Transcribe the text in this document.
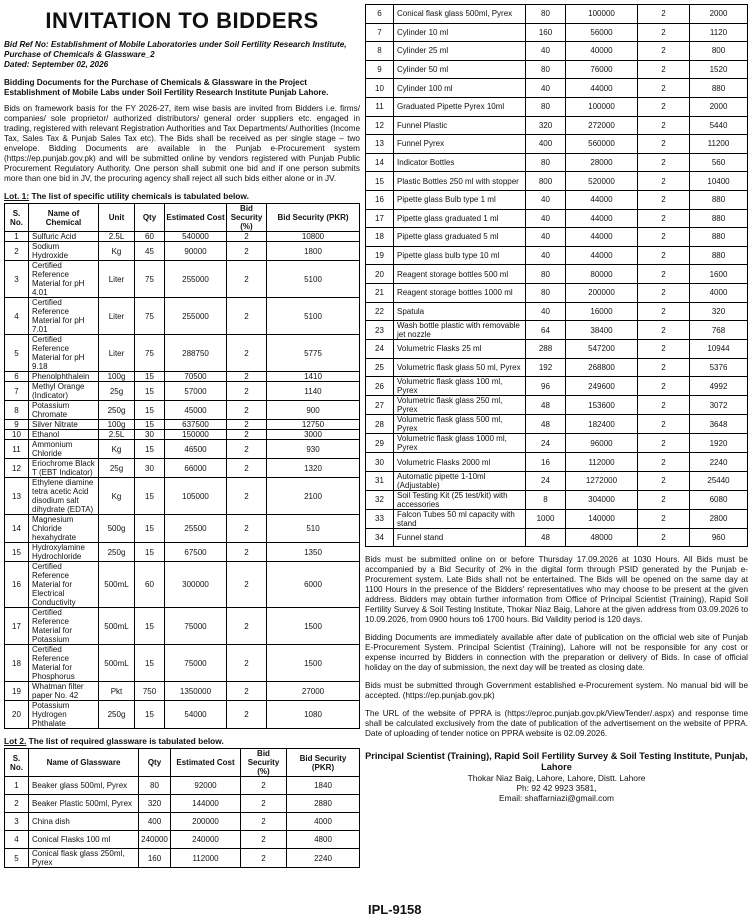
INVITATION TO BIDDERS
Bid Ref No: Establishment of Mobile Laboratories under Soil Fertility Research Institute, Purchase of Chemicals & Glassware_2
Dated: September 02, 2026
Bidding Documents for the Purchase of Chemicals & Glassware in the Project Establishment of Mobile Labs under Soil Fertility Research Institute Punjab Lahore.
Bids on framework basis for the FY 2026-27, item wise basis are invited from Bidders i.e. firms/ companies/ sole proprietor/ authorized distributors/ general order suppliers etc. engaged in trading, registered with relevant Registration Authorities and Tax Departments/ Authorities (Income Tax, Sales Tax & Punjab Sales Tax etc). The Bids shall be received as per single stage – two envelope. Bidding Documents are available in the Punjab e-Procurement system (https://ep.punjab.gov.pk) and will be submitted online by vendors registered with Punjab Public Procurement Regulatory Authority. One person shall submit one bid and if one person submits more than one bid in JV, the procuring agency shall reject all such bids either alone or in JV.
Lot. 1: The list of specific utility chemicals is tabulated below.
S. No.	Name of Chemical	Unit	Qty	Estimated Cost	Bid Security (%)	Bid Security (PKR)
1	Sulfuric Acid	2.5L	60	540000	2	10800
2	Sodium Hydroxide	Kg	45	90000	2	1800
3	Certified Reference Material for pH 4.01	Liter	75	255000	2	5100
4	Certified Reference Material for pH 7.01	Liter	75	255000	2	5100
5	Certified Reference Material for pH 9.18	Liter	75	288750	2	5775
6	Phenolphthalein	100g	15	70500	2	1410
7	Methyl Orange (Indicator)	25g	15	57000	2	1140
8	Potassium Chromate	250g	15	45000	2	900
9	Silver Nitrate	100g	15	637500	2	12750
10	Ethanol	2.5L	30	150000	2	3000
11	Ammonium Chloride	Kg	15	46500	2	930
12	Eriochrome Black T (EBT Indicator)	25g	30	66000	2	1320
13	Ethylene diamine tetra acetic Acid disodium salt dihydrate (EDTA)	Kg	15	105000	2	2100
14	Magnesium Chloride hexahydrate	500g	15	25500	2	510
15	Hydroxylamine Hydrochloride	250g	15	67500	2	1350
16	Certified Reference Material for Electrical Conductivity	500mL	60	300000	2	6000
17	Certified Reference Material for Potassium	500mL	15	75000	2	1500
18	Certified Reference Material for Phosphorus	500mL	15	75000	2	1500
19	Whatman filter paper No. 42	Pkt	750	1350000	2	27000
20	Potassium Hydrogen Phthalate	250g	15	54000	2	1080
Lot 2. The list of required glassware is tabulated below.
S. No.	Name of Glassware	Qty	Estimated Cost	Bid Security (%)	Bid Security (PKR)
1	Beaker glass 500ml, Pyrex	80	92000	2	1840
2	Beaker Plastic 500ml, Pyrex	320	144000	2	2880
3	China dish	400	200000	2	4000
4	Conical Flasks 100 ml	240000	240000	2	4800
5	Conical flask glass 250ml, Pyrex	160	112000	2	2240
6	Conical flask glass 500ml, Pyrex	80	100000	2	2000
7	Cylinder 10 ml	160	56000	2	1120
8	Cylinder 25 ml	40	40000	2	800
9	Cylinder 50 ml	80	76000	2	1520
10	Cylinder 100 ml	40	44000	2	880
11	Graduated Pipette Pyrex 10ml	80	100000	2	2000
12	Funnel Plastic	320	272000	2	5440
13	Funnel Pyrex	400	560000	2	11200
14	Indicator Bottles	80	28000	2	560
15	Plastic Bottles 250 ml with stopper	800	520000	2	10400
16	Pipette glass Bulb type 1 ml	40	44000	2	880
17	Pipette glass graduated 1 ml	40	44000	2	880
18	Pipette glass graduated 5 ml	40	44000	2	880
19	Pipette glass bulb type 10 ml	40	44000	2	880
20	Reagent storage bottles 500 ml	80	80000	2	1600
21	Reagent storage bottles 1000 ml	80	200000	2	4000
22	Spatula	40	16000	2	320
23	Wash bottle plastic with removable jet nozzle	64	38400	2	768
24	Volumetric Flasks 25 ml	288	547200	2	10944
25	Volumetric flask glass 50 ml, Pyrex	192	268800	2	5376
26	Volumetric flask glass 100 ml, Pyrex	96	249600	2	4992
27	Volumetric flask glass 250 ml, Pyrex	48	153600	2	3072
28	Volumetric flask glass 500 ml, Pyrex	48	182400	2	3648
29	Volumetric flask glass 1000 ml, Pyrex	24	96000	2	1920
30	Volumetric Flasks 2000 ml	16	112000	2	2240
31	Automatic pipette 1-10ml (Adjustable)	24	1272000	2	25440
32	Soil Testing Kit (25 test/kit) with accessories	8	304000	2	6080
33	Falcon Tubes 50 ml capacity with stand	1000	140000	2	2800
34	Funnel stand	48	48000	2	960
Bids must be submitted online on or before Thursday 17.09.2026 at 1030 Hours. All Bids must be accompanied by a Bid Security of 2% in the digital form through PSID generated by the Punjab e-Procurement system. Late Bids shall not be entertained. The Bids will be opened on the same day at 1100 Hours in the presence of the Bidders' representatives who may choose to be present at the given address. Bidders may obtain further information from Office of Principal Scientist (Training), Rapid Soil Fertility Survey & Soil Testing Institute, Thokar Niaz Baig, Lahore at the given address from 03.09.2026 to 10.09.2026, from 0900 hours to6 1700 hours. Bid Validity period is 120 days.
Bidding Documents are immediately available after date of publication on the official web site of Punjab E-Procurement System. Principal Scientist (Training), Lahore will not be responsible for any cost or expense incurred by Bidders in connection with the preparation or delivery of Bids. In case of official holiday on the day of submission, the next day will be treated as closing date.
Bids must be submitted through Government established e-Procurement system. No manual bid will be accepted. (https://ep.punjab.gov.pk)
The URL of the website of PPRA is (https://eproc.punjab.gov.pk/ViewTender/.aspx) and response time shall be calculated exclusively from the date of publication of the advertisement on the website of PPRA. Date of uploading of tender notice on PPRA website is 02.09.2026.
Principal Scientist (Training), Rapid Soil Fertility Survey & Soil Testing Institute, Punjab, Lahore
Thokar Niaz Baig, Lahore, Lahore, Distt. Lahore
Ph: 92 42 9923 3581,
Email: shaffarniazi@gmail.com
IPL-9158
